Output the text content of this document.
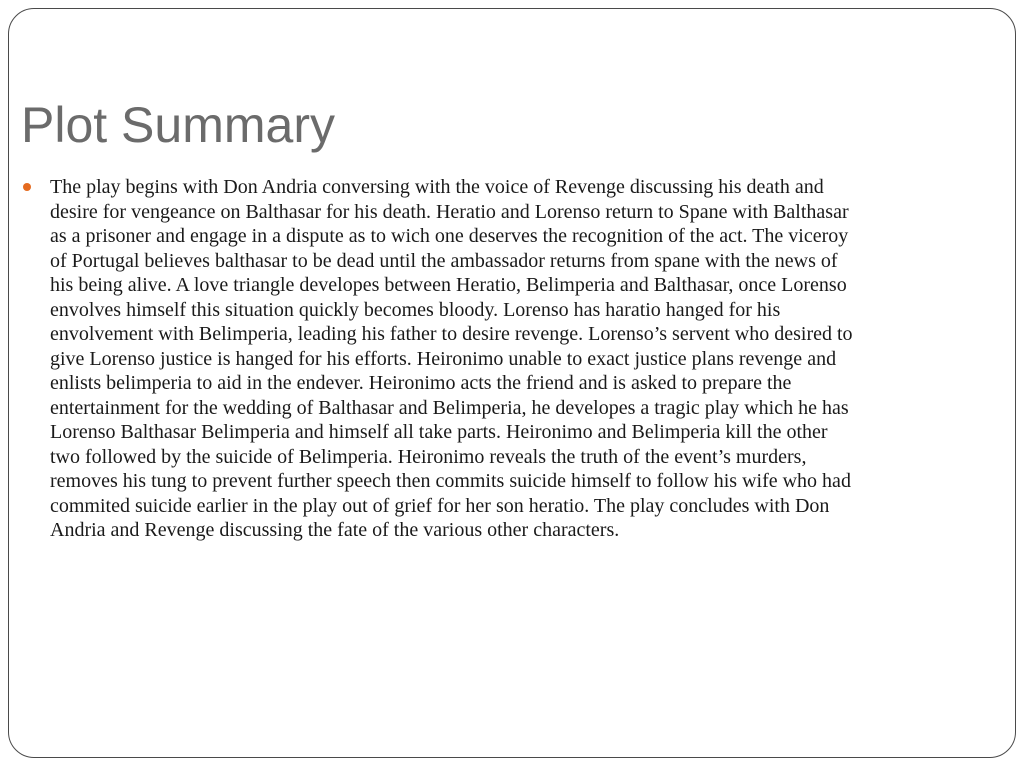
Plot Summary

The play begins with Don Andria conversing with the voice of Revenge discussing his death and
desire for vengeance on Balthasar for his death. Heratio and Lorenso return to Spane with Balthasar
as a prisoner and engage in a dispute as to wich one deserves the recognition of the act. The viceroy
of Portugal believes balthasar to be dead until the ambassador returns from spane with the news of
his being alive. A love triangle developes between Heratio, Belimperia and Balthasar, once Lorenso
envolves himself this situation quickly becomes bloody. Lorenso has haratio hanged for his
envolvement with Belimperia, leading his father to desire revenge. Lorenso’s servent who desired to
give Lorenso justice is hanged for his efforts. Heironimo unable to exact justice plans revenge and
enlists belimperia to aid in the endever. Heironimo acts the friend and is asked to prepare the
entertainment for the wedding of Balthasar and Belimperia, he developes a tragic play which he has
Lorenso Balthasar Belimperia and himself all take parts. Heironimo and Belimperia kill the other
two followed by the suicide of Belimperia. Heironimo reveals the truth of the event’s murders,
removes his tung to prevent further speech then commits suicide himself to follow his wife who had
commited suicide earlier in the play out of grief for her son heratio. The play concludes with Don
Andria and Revenge discussing the fate of the various other characters.
